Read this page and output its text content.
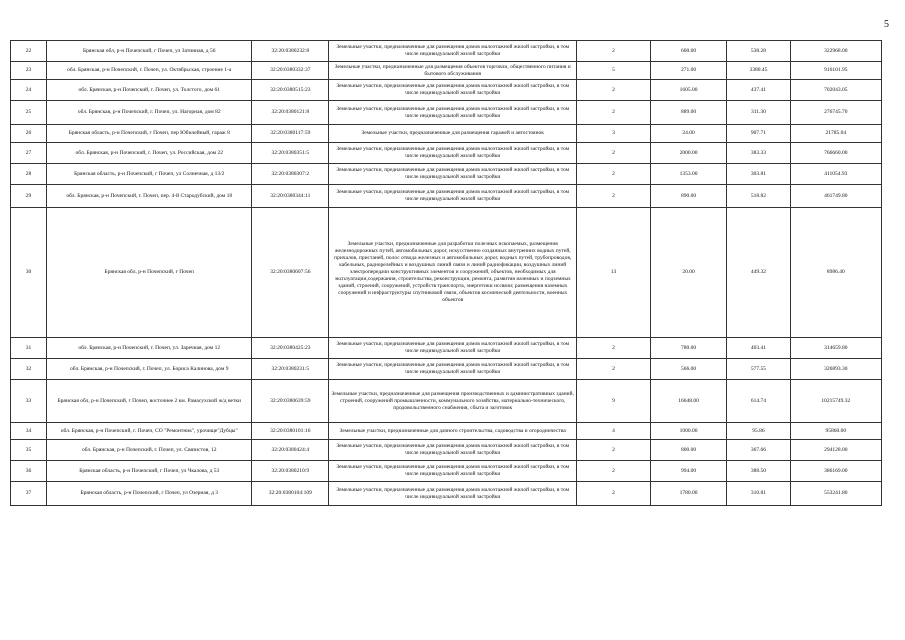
5
22	Брянская обл, р-н Почепский, г Почеп, ул Затинная, д 56	32:20:0380232:8	Земельные участки, предназначенные для размещения домов малоэтажной жилой застройки, в том числе индивидуальной жилой застройки	2	600.00	538.28	322968.00
23	обл. Брянская, р-н Почепский, г. Почеп, ул. Октябрьская, строение 1-а	32:20:0380332:37	Земельные участки, предназначенные для размещения объектов торговли, общественного питания и бытового обслуживания	5	271.00	3380.45	916101.95
24	обл. Брянская, р-н Почепский, г. Почеп, ул. Толстого, дом 61	32:20:0380515:23	Земельные участки, предназначенные для размещения домов малоэтажной жилой застройки, в том числе индивидуальной жилой застройки	2	1605.00	437.41	702043.05
25	обл. Брянская, р-н Почепский, г. Почеп, ул. Нагорная, дом 82	32:20:0380121:8	Земельные участки, предназначенные для размещения домов малоэтажной жилой застройки, в том числе индивидуальной жилой застройки	2	889.00	311.30	276745.70
26	Брянская область, р-н Почепский, г Почеп, пер Юбилейный, гараж 8	32:20:0380117:59	Земельные участки, предназначенные для размещения гаражей и автостоянок	3	24.00	907.71	21785.04
27	обл. Брянская, р-н Почепский, г. Почеп, ул. Российская, дом 22	32:20:0380351:5	Земельные участки, предназначенные для размещения домов малоэтажной жилой застройки, в том числе индивидуальной жилой застройки	2	2000.00	383.33	766660.00
28	Брянская область, р-н Почепский, г Почеп, ул Солнечная, д 13/2	32:20:0380307:2	Земельные участки, предназначенные для размещения домов малоэтажной жилой застройки, в том числе индивидуальной жилой застройки	2	1353.00	303.81	411054.93
29	обл. Брянская, р-н Почепский, г. Почеп, пер. 4-й Стародубский, дом 18	32:20:0380344:11	Земельные участки, предназначенные для размещения домов малоэтажной жилой застройки, в том числе индивидуальной жилой застройки	2	890.00	518.82	461749.80
30	Брянская обл, р-н Почепский, г Почеп	32:20:0380607:56	Земельные участки, предназначенные для разработки полезных ископаемых, размещения железнодорожных путей, автомобильных дорог, искусственно созданных внутренних водных путей, причалов, пристаней, полос отвода железных и автомобильных дорог, водных путей, трубопроводов, кабельных, радиорелейных и воздушных линий связи и линий радиофикации, воздушных линий электропередачи конструктивных элементов и сооружений, объектов, необходимых для эксплуатации,содержания, строительства, реконструкции, ремонта, развития наземных и подземных зданий, строений, сооружений, устройств транспорта, энергетики иссвязи; размещения наземных сооружений и инфраструктуры спутниковой связи, объектов космической деятельности, военных объектов	13	20.00	449.32	8986.40
31	обл. Брянская, р-н Почепский, г. Почеп, ул. Заречная, дом 12	32:20:0380425:23	Земельные участки, предназначенные для размещения домов малоэтажной жилой застройки, в том числе индивидуальной жилой застройки	2	780.00	403.41	314659.80
32	обл. Брянская, р-н Почепский, г. Почеп, ул. Бориса Калинова, дом 9	32:20:0380231:5	Земельные участки, предназначенные для размещения домов малоэтажной жилой застройки, в том числе индивидуальной жилой застройки	2	566.00	577.55	326893.30
33	Брянская обл, р-н Почепский, г Почеп, восточнее 2 км. Рамасухской ж/д ветки	32:20:0380639:59	Земельные участки, предназначенные для размещения производственных и административных зданий, строений, сооружений промышленности, коммунального хозяйства, материально-технического, продовольственного снабжения, сбыта и заготовок	9	16648.00	614.74	10215749.32
34	обл. Брянская, р-н Почепский, г. Почеп, СО "Ремонтник", урочище"Дубцы"	32:20:0380101:16	Земельные участки, предназначенные для дачного строительства, садоводства и огородничества	4	1000.00	95.86	95860.00
35	обл. Брянская, р-н Почепский, г. Почеп, ул. Связистов, 12	32:20:0380424:4	Земельные участки, предназначенные для размещения домов малоэтажной жилой застройки, в том числе индивидуальной жилой застройки	2	800.00	367.66	294128.00
36	Брянская область, р-н Почепский, г Почеп, ул Чкалова, д 53	32:20:0380210:9	Земельные участки, предназначенные для размещения домов малоэтажной жилой застройки, в том числе индивидуальной жилой застройки	2	994.00	388.50	386169.00
37	Брянская область, р-н Почепский, г Почеп, ул Озерная, д 3	32:20:0380104:109	Земельные участки, предназначенные для размещения домов малоэтажной жилой застройки, в том числе индивидуальной жилой застройки	2	1780.00	310.81	553241.80
